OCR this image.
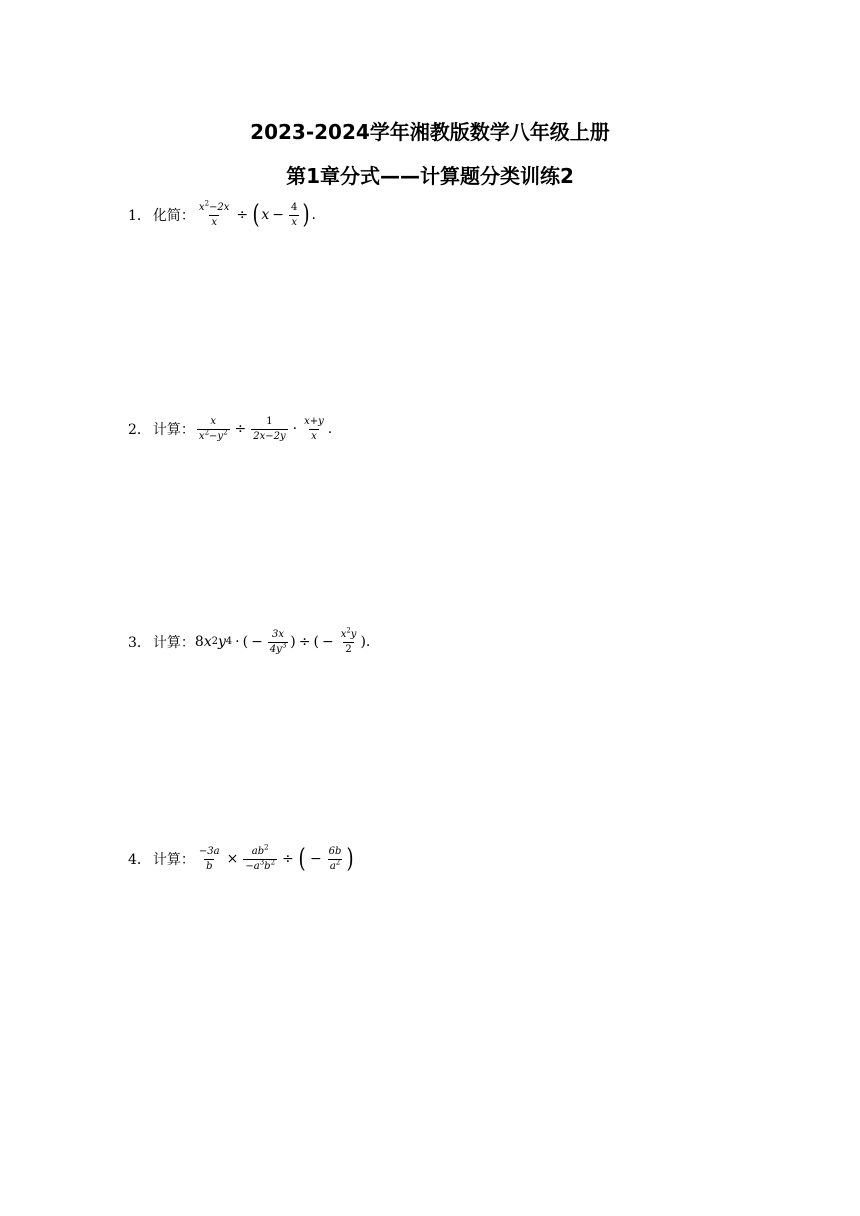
2023-2024学年湘教版数学八年级上册
第1章分式——计算题分类训练2
1． 化简： $\frac{x^2-2x}{x}$ ÷ ( $x - \frac{4}{x}$ ) .
2． 计算： $\frac{x}{x^2-y^2} \div \frac{1}{2x-2y} \cdot \frac{x+y}{x}$ .
3． 计算： 8 x 2 y 4 · ( − $\frac{3x}{4y^3}$ ) ÷ ( − $\frac{x^2y}{2}$ ) .
4． 计算： $\frac{-3a}{b} \times \frac{ab^2}{-a^3b^2}$ ÷ ( − $\frac{6b}{a^2}$ )
